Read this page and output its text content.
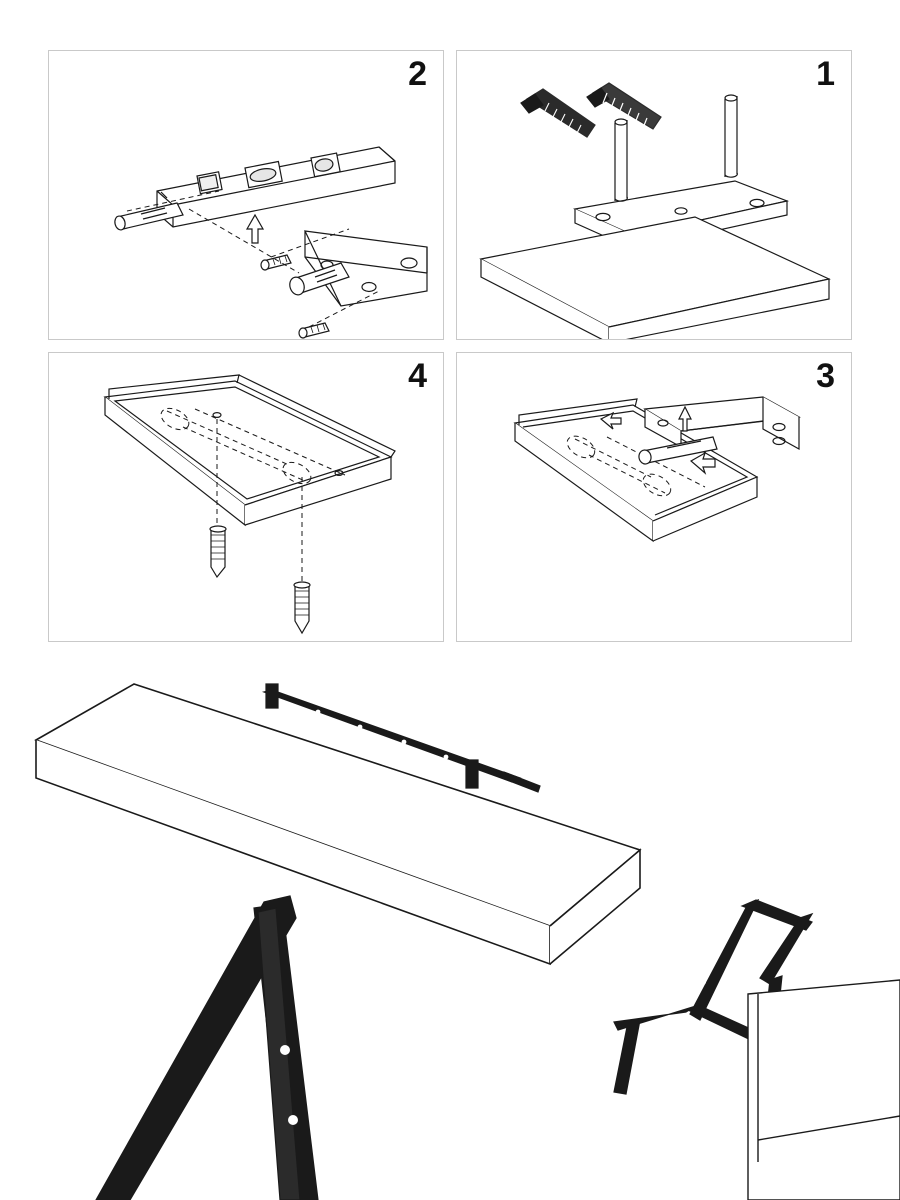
2	1
4	3
